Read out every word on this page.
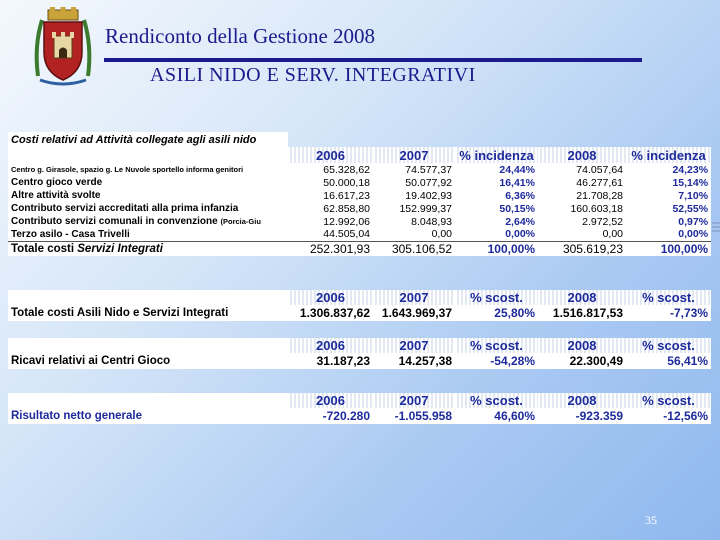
Rendiconto della Gestione 2008
ASILI NIDO E SERV. INTEGRATIVI
Costi relativi ad Attività collegate agli asili nido					
	2006	2007	% incidenza	2008	% incidenza
Centro g. Girasole, spazio g. Le Nuvole sportello informa genitori	65.328,62	74.577,37	24,44%	74.057,64	24,23%
Centro gioco verde	50.000,18	50.077,92	16,41%	46.277,61	15,14%
Altre attività svolte	16.617,23	19.402,93	6,36%	21.708,28	7,10%
Contributo servizi accreditati alla prima infanzia	62.858,80	152.999,37	50,15%	160.603,18	52,55%
Contributo servizi comunali in convenzione (Porcia-Giu	12.992,06	8.048,93	2,64%	2.972,52	0,97%
Terzo asilo - Casa Trivelli	44.505,04	0,00	0,00%	0,00	0,00%
Totale costi Servizi Integrati	252.301,93	305.106,52	100,00%	305.619,23	100,00%
	2006	2007	% scost.	2008	% scost.
Totale costi Asili Nido e Servizi Integrati	1.306.837,62	1.643.969,37	25,80%	1.516.817,53	-7,73%
	2006	2007	% scost.	2008	% scost.
Ricavi relativi ai Centri Gioco	31.187,23	14.257,38	-54,28%	22.300,49	56,41%
	2006	2007	% scost.	2008	% scost.
Risultato netto generale	-720.280	-1.055.958	46,60%	-923.359	-12,56%
35
